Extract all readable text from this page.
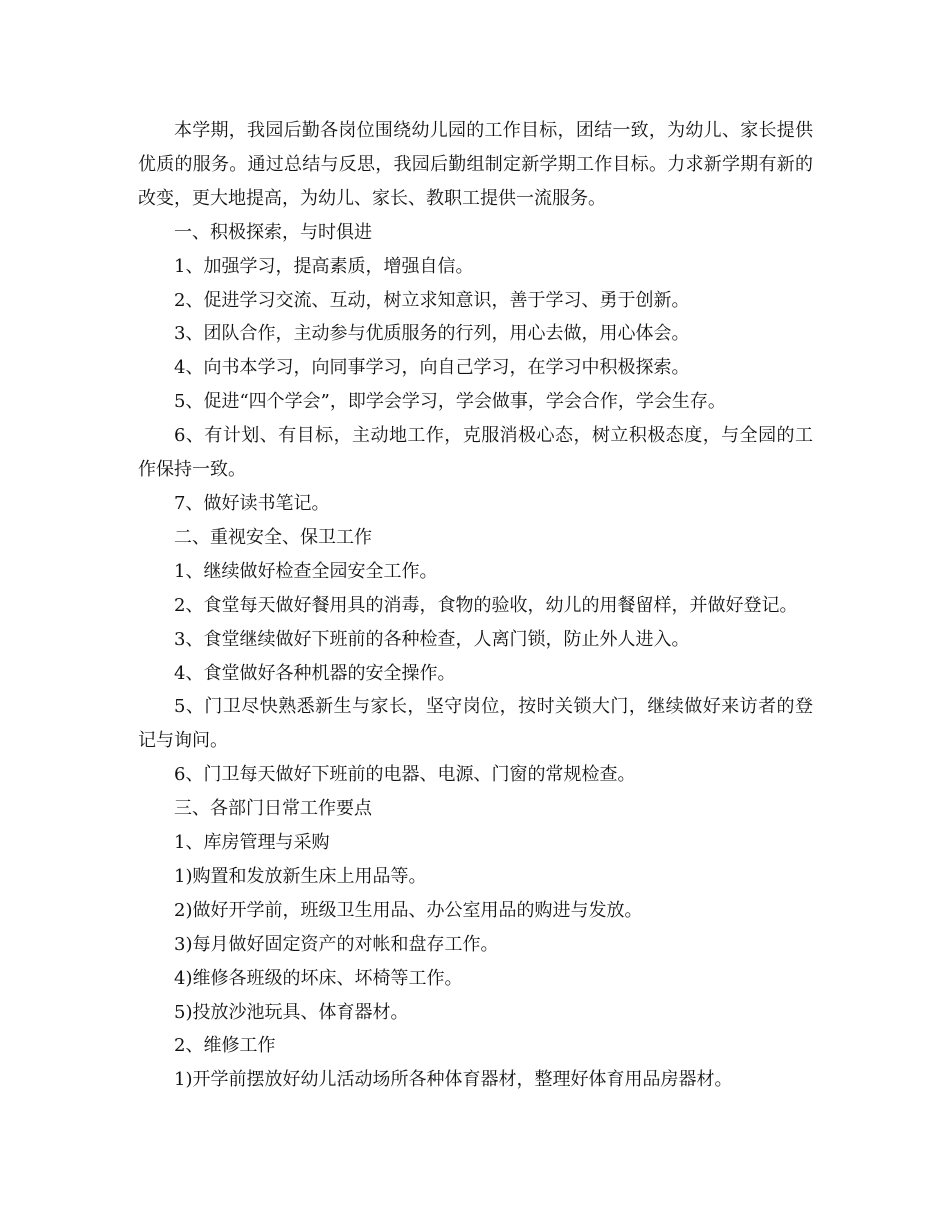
本学期，我园后勤各岗位围绕幼儿园的工作目标，团结一致，为幼儿、家长提供优质的服务。通过总结与反思，我园后勤组制定新学期工作目标。力求新学期有新的改变，更大地提高，为幼儿、家长、教职工提供一流服务。

一、积极探索，与时俱进

1、加强学习，提高素质，增强自信。

2、促进学习交流、互动，树立求知意识，善于学习、勇于创新。

3、团队合作，主动参与优质服务的行列，用心去做，用心体会。

4、向书本学习，向同事学习，向自己学习，在学习中积极探索。

5、促进“四个学会”，即学会学习，学会做事，学会合作，学会生存。

6、有计划、有目标，主动地工作，克服消极心态，树立积极态度，与全园的工作保持一致。

7、做好读书笔记。

二、重视安全、保卫工作

1、继续做好检查全园安全工作。

2、食堂每天做好餐用具的消毒，食物的验收，幼儿的用餐留样，并做好登记。

3、食堂继续做好下班前的各种检查，人离门锁，防止外人进入。

4、食堂做好各种机器的安全操作。

5、门卫尽快熟悉新生与家长，坚守岗位，按时关锁大门，继续做好来访者的登记与询问。

6、门卫每天做好下班前的电器、电源、门窗的常规检查。

三、各部门日常工作要点

1、库房管理与采购

1)购置和发放新生床上用品等。

2)做好开学前，班级卫生用品、办公室用品的购进与发放。

3)每月做好固定资产的对帐和盘存工作。

4)维修各班级的坏床、坏椅等工作。

5)投放沙池玩具、体育器材。

2、维修工作

1)开学前摆放好幼儿活动场所各种体育器材，整理好体育用品房器材。
